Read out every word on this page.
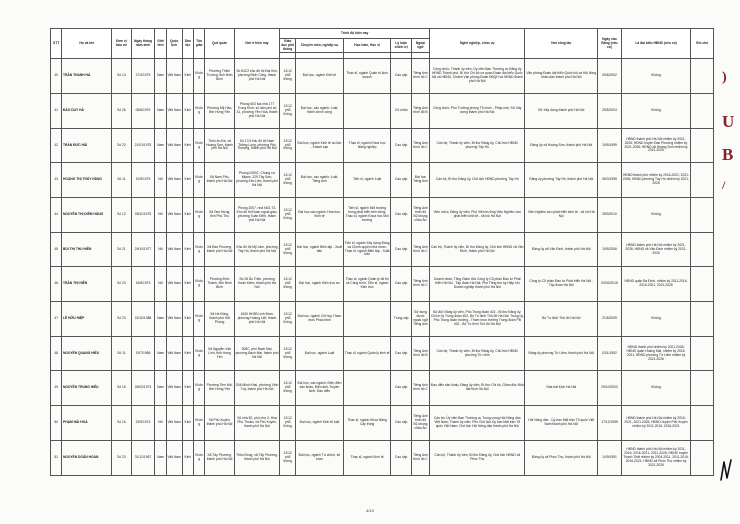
STT	Họ và tên	Đơn vị bầu cử	Ngày tháng năm sinh	Giới tính	Quốc tịch	Dân tộc	Tôn giáo	Quê quán	Nơi ở hiện nay	Trình độ hiện nay					Nghề nghiệp, chức vụ	Nơi công tác	Ngày vào Đảng (nếu có)	Là đại biểu HĐND (nếu có)	Ghi chú
										Giáo dục phổ thông	Chuyên môn, nghiệp vụ	Học hàm, Học vị	Lý luận chính trị	Ngoại ngữ					

40	TRẦN THANH HÀ	Số 14	27/4/1975	Nam	Việt Nam	Kinh	Không	Phường Thiên Trường, tỉnh Ninh Bình	Số 84C2 khu đô thị Đại Kim, phường Định Công, thành phố Hà Nội	12/12 phổ thông	Đại học, ngành Kinh tế	Thạc sĩ, ngành Quản trị kinh doanh	Cao cấp	Tiếng Anh trình độ C	Công chức, Thành ủy viên, Ủy viên Ban Thường vụ Đảng ủy HĐND Thành phố, Bí thư Chi bộ cơ quan Đoàn đại biểu Quốc hội và HĐND, Chánh Văn phòng Đoàn ĐBQH và HĐND thành phố Hà Nội	Văn phòng Đoàn đại biểu Quốc hội và Hội đồng nhân dân thành phố Hà Nội	05/6/2002	Không	
41	ĐÀO DUY HÀ	Số 26	08/6/1976	Nam	Việt Nam	Kinh	Không	Phường Mỹ Hào, tỉnh Hưng Yên	Phòng 603 tòa nhà 177 Trung Kính, số dân phố số 31, phường Yên Hòa, thành phố Hà Nội	12/12 phổ thông	Đại học, các ngành: Luật, Hành chính công		Cử nhân	Tiếng Anh trình độ B	Công chức; Phó Trưởng phòng Tổ chức - Pháp chế, Sở Xây dựng thành phố Hà Nội	Sở Xây dựng thành phố Hà Nội	25/5/2004	Không	
42	TRẦN ĐỨC HẢI	Số 22	21/01/1975	Nam	Việt Nam	Kinh	Không	Thôn An Đà, xã Hoàng Sơn, thành phố Hà Nội	Số 17/4 khu đô thị Nam Thăng Long, phường Phú Thượng, thành phố Hà Nội	12/12 phổ thông	Đại học, ngành Kinh tế du lịch - Khách sạn	Thạc sĩ, ngành Khoa học Năng nghiệp	Cao cấp	Tiếng Anh trình độ C	Cán bộ, Thành ủy viên, Bí thư Đảng ủy, Chủ tịch HĐND phường Tây Hồ	Đảng ủy xã Hoàng Sơn, thành phố Hà Nội	19/5/1999	HĐND thành phố Hà Nội nhiệm kỳ 2021-2026; HĐND huyện Đan Phượng nhiệm kỳ 2021-2026; HĐND xã Hoàng Sơn nhiệm kỳ 2021-2026	
43	HOÀNG THỊ THÚY HẰNG	Số 11	10/9/1975	Nữ	Việt Nam	Kinh	Không	Xã Nam Phù, thành phố Hà Nội	Phòng 02501, Chung cư Mipec, 229 Tây Sơn, phường Kim Liên, thành phố Hà Nội	12/12 phổ thông	Đại học, các ngành: Luật, Tiếng Anh	Tiến sĩ, ngành Luật	Cao cấp	Đại học Tiếng Anh	Cán bộ, Bí thư Đảng ủy, Chủ tịch HĐND phường Tây Hồ	Đảng ủy phường Tây Hồ, thành phố Hà Nội	06/3/1998	HĐND thành phố nhiệm kỳ 2016-2021; 2021-2026; HĐND phường Tây Hồ nhiệm kỳ 2021-2026	
44	NGUYỄN THỊ DIỄM HẰNG	Số 12	09/11/1975	Nữ	Việt Nam	Kinh	Không	Xã Tam Hưng, tỉnh Phú Thọ	Phòng 2007, nhà N03-T3, Khu đô thị Đoàn ngoại giao, phường Xuân Đỉnh, thành phố Hà Nội	12/12 phổ thông	Đại học các ngành: Hóa học; Kinh tế	Tiến sĩ, ngành Môi trường trong phát triển bền vững; Thạc sĩ, ngành Khoa học Môi trường	Cao cấp	Tiếng Anh trình độ B2 khung châu Âu	Viên chức; Đảng ủy viên, Phó Viện trưởng Viện Nghiên cứu phát triển kinh tế - xã hội Hà Nội	Viện Nghiên cứu phát triển kinh tế - xã hội Hà Nội	28/9/2010	Không	
45	BÙI THỊ THU HIỀN	Số 21	29/10/1977	Nữ	Việt Nam	Kinh	Không	Xã Đan Phượng, thành phố Hà Nội	Khu đô thị Mỹ Lâm, phường Tây Hồ, thành phố Hà Nội	12/12 phổ thông	Đại học, ngành Biên tập - Xuất bản	Tiến sĩ, ngành Xây dựng Đảng và Chính quyền nhà nước; Thạc sĩ, ngành Biên tập - Xuất bản	Cao cấp	Tiếng Anh trình độ C	Cán bộ, Thành ủy viên, Bí thư Đảng ủy, Chủ tịch HĐND xã Văn Đình, thành phố Hà Nội	Đảng ủy xã Văn Đình, thành phố Hà Nội	19/5/2006	HĐND thành phố Hà Nội nhiệm kỳ 2021-2026; HĐND xã Văn Đình nhiệm kỳ 2021-2026	
46	TRẦN THỊ HIỀN	Số 20	16/8/1973	Nữ	Việt Nam	Kinh	Không	Phường Định Thành, tỉnh Ninh Bình	Số 28 Âu Triệu, phường Hoàn Kiếm, thành phố Hà Nội	12/12 phổ thông	Đại học, ngành Kiến trúc sư	Thạc sĩ, ngành Quản lý đô thị và Công trình; Tiến sĩ, ngành Kiến trúc	Cao cấp	Tiếng Anh trình độ C	Doanh nhân; Tổng Giám đốc Công ty Cổ phần Đầu tư Phát triển Hà Nội - Tập đoàn Hà Nội; Phó Tổng thư ký Hiệp hội Doanh nghiệp thành phố Hà Nội	Công ty Cổ phần Đầu tư Phát triển Hà Nội - Tập đoàn Hà Nội	03/02/2015	HĐND quận Ba Đình, nhiệm kỳ 2011-2016, 2016-2021, 2021-2026	
47	LÊ HỮU HIỆP	Số 23	22/10/1988	Nam	Việt Nam	Kinh	Không	Xã Hà Đông, thành phố Hải Phòng	1540 HH3B Linh Đàm, phường Hoàng Liệt, thành phố Hà Nội	12/12 phổ thông	Đại học, ngành Chỉ huy Tham mưu Pháo binh		Trung cấp	Sử dụng được ngoại ngữ Tiếng Anh	Bộ đội; Đảng ủy viên, Phó Trung đoàn 402 - Bí thư Đảng ủy, Chính ủy Trung đoàn 402, Bộ Tư lệnh Thủ đô Hà Nội; Trung úy, Phó Trung đoàn trưởng - Tham mưu trưởng Trung đoàn PB 402 - Bộ Tư lệnh Thủ đô Hà Nội	Bộ Tư lệnh Thủ đô Hà Nội	21/6/2009	Không	
48	NGUYỄN QUANG HIẾU	Số 11	19/7/1968	Nam	Việt Nam	Kinh	Không	Xã Nguyễn Văn Linh, tỉnh Hưng Yên	308C, phố Bạch Mai, phường Bạch Mai, thành phố Hà Nội	12/12 phổ thông	Đại học, ngành Luật	Thạc sĩ, ngành Quản lý kinh tế	Cao cấp	Tiếng Anh trình độ B	Cán bộ, Thành ủy viên, Bí thư Đảng ủy, Chủ tịch HĐND phường Từ Liêm	Đảng ủy phường Từ Liêm, thành phố Hà Nội	03/1/1992	HĐND thành phố nhiệm kỳ 2021-2026; HĐND quận Hoàng Mai, nhiệm kỳ 2016-2021; HĐND phường Từ Liêm nhiệm kỳ 2021-2026	
49	NGUYỄN TRUNG HIẾU	Số 16	28/02/1973	Nam	Việt Nam	Kinh	Không	Phường Tiền Hải, tỉnh Hưng Yên	S06 Minh Khai, phường Vĩnh Tuy, thành phố Hà Nội	12/12 phổ thông	Đại học, các ngành: Điện điện sân khấu; Điện ảnh-Truyền hình; Đạo diễn		Cao cấp	Tiếng Anh trình độ C	Đạo diễn sân khấu; Đảng ủy viên, Bí thư Chi bộ, Giám đốc Nhà hát Kịch Hà Nội	Nhà hát Kịch Hà Nội	29/10/2003	Không	
50	PHẠM HẢI HOA	Số 16	23/9/1974	Nữ	Việt Nam	Kinh	Không	Xã Phú Xuyên, thành phố Hà Nội	Số nhà 52, phố chợ 2, Hòa Phú Thuần, xã Phú Xuyên, thành phố Hà Nội	12/12 phổ thông	Đại học, ngành Kinh tế luật	Thạc sĩ, ngành Khoa Năng Cây trồng	Cao cấp	Tiếng Anh trình độ B1 khung châu Âu	Cán bộ; Ủy viên Ban Thường vụ Trung ương Hội Nông dân Việt Nam; Thành ủy viên; Phó Chủ tịch Ủy ban Mặt trận Tổ quốc Việt Nam; Chủ tịch Hội Nông dân thành phố Hà Nội	Hội Nông dân - Ủy ban Mặt trận Tổ quốc Việt Nam thành phố Hà Nội	17/12/1999	HĐND thành phố Hà Nội nhiệm kỳ 2016-2021, 2021-2026; HĐND huyện Phú Xuyên nhiệm kỳ 2011-2016, 2016-2021	
51	NGUYỄN DOÃN HOÀN	Số 23	31/12/1967	Nam	Việt Nam	Kinh	Không	Xã Tây Phương, thành phố Hà Nội	Thôn Đồng, xã Tây Phương, thành phố Hà Nội	12/12 phổ thông	Đại học, ngành Tư chính, kế toán	Thạc sĩ, ngành Kinh tế	Cao cấp	Tiếng Anh trình độ C	Cán bộ, Thành ủy viên, Bí thư Đảng ủy, Chủ tịch HĐND xã Phúc Thọ	Đảng ủy xã Phúc Thọ, thành phố Hà Nội	10/9/1991	HĐND thành phố Hà Nội nhiệm kỳ 2011-2016, 2016-2021, 2021-2026; HĐND huyện Thạch Thất nhiệm kỳ 2004-2011, 2011-2016, 2016-2021; HĐND xã Phúc Thọ nhiệm kỳ 2021-2026	
4/10
)
U
B
/
